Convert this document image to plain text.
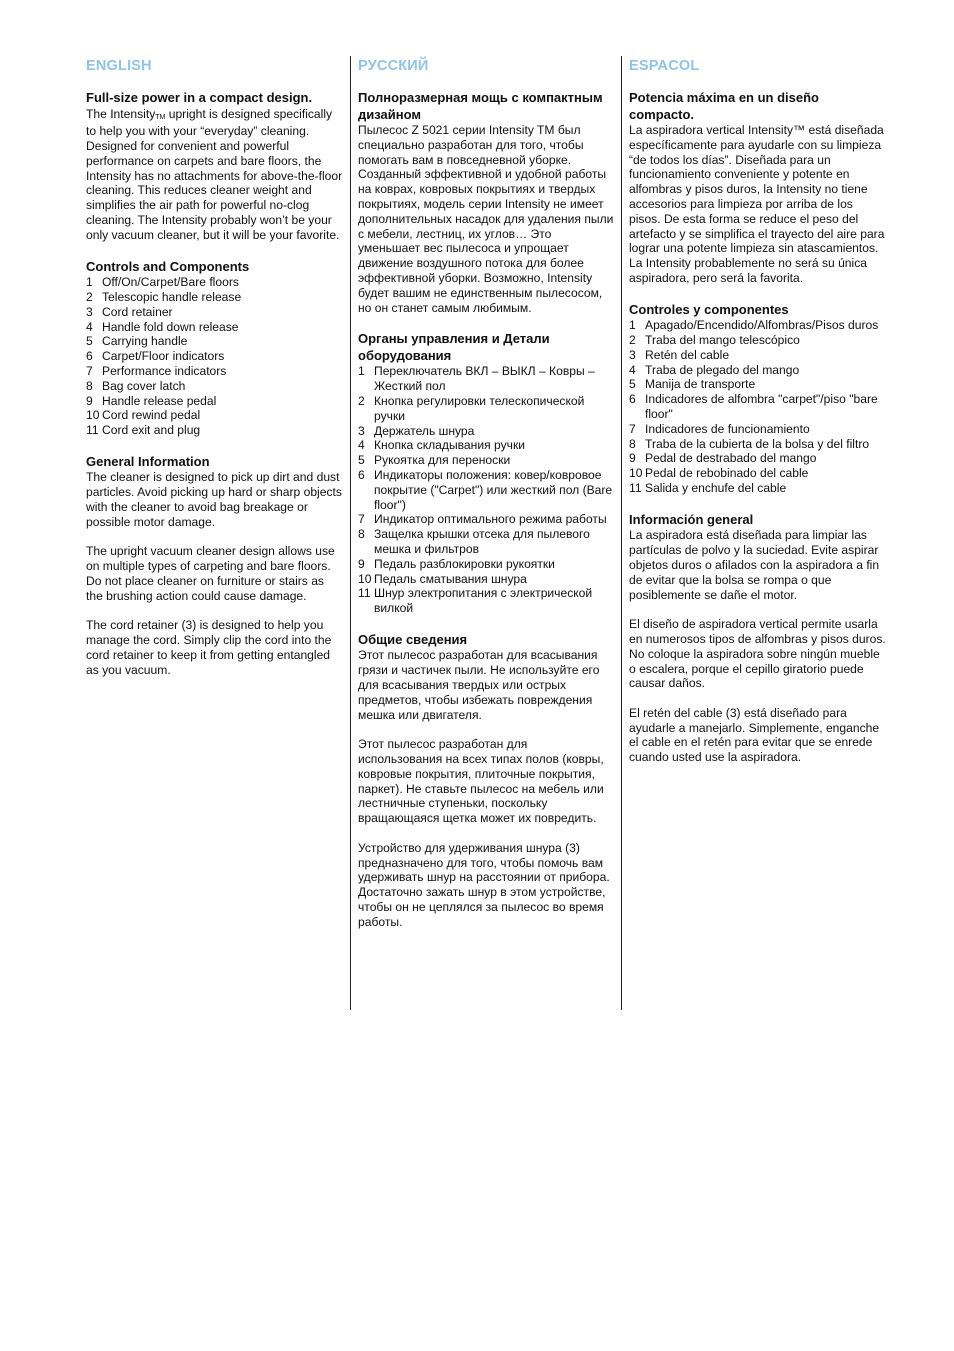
ENGLISH
Full-size power in a compact design.

The Intensity™ upright is designed specifically to help you with your “everyday” cleaning. Designed for convenient and powerful performance on carpets and bare floors, the Intensity has no attachments for above-the-floor cleaning. This reduces cleaner weight and simplifies the air path for powerful no-clog cleaning. The Intensity probably won’t be your only vacuum cleaner, but it will be your favorite.

Controls and Components
1 Off/On/Carpet/Bare floors
2 Telescopic handle release
3 Cord retainer
4 Handle fold down release
5 Carrying handle
6 Carpet/Floor indicators
7 Performance indicators
8 Bag cover latch
9 Handle release pedal
10 Cord rewind pedal
11 Cord exit and plug
General Information

The cleaner is designed to pick up dirt and dust particles. Avoid picking up hard or sharp objects with the cleaner to avoid bag breakage or possible motor damage.

The upright vacuum cleaner design allows use on multiple types of carpeting and bare floors. Do not place cleaner on furniture or stairs as the brushing action could cause damage.

The cord retainer (3) is designed to help you manage the cord. Simply clip the cord into the cord retainer to keep it from getting entangled as you vacuum.

РУССКИЙ
Полноразмерная мощь с компактным дизайном

Пылесос Z 5021 серии Intensity TM был специально разработан для того, чтобы помогать вам в повседневной уборке. Созданный эффективной и удобной работы на коврах, ковровых покрытиях и твердых покрытиях, модель серии Intensity не имеет дополнительных насадок для удаления пыли с мебели, лестниц, их углов… Это уменьшает вес пылесоса и упрощает движение воздушного потока для более эффективной уборки. Возможно, Intensity будет вашим не единственным пылесосом, но он станет самым любимым.

Органы управления и Детали оборудования
1 Переключатель ВКЛ – ВЫКЛ – Ковры – Жесткий пол
2 Кнопка регулировки телескопической ручки
3 Держатель шнура
4 Кнопка складывания ручки
5 Рукоятка для переноски
6 Индикаторы положения: ковер/ковровое покрытие ("Carpet") или жесткий пол (Bare floor")
7 Индикатор оптимального режима работы
8 Защелка крышки отсека для пылевого мешка и фильтров
9 Педаль разблокировки рукоятки
10 Педаль сматывания шнура
11 Шнур электропитания с электрической вилкой
Общие сведения

Этот пылесос разработан для всасывания грязи и частичек пыли. Не используйте его для всасывания твердых или острых предметов, чтобы избежать повреждения мешка или двигателя.

Этот пылесос разработан для использования на всех типах полов (ковры, ковровые покрытия, плиточные покрытия, паркет). Не ставьте пылесос на мебель или лестничные ступеньки, поскольку вращающаяся щетка может их повредить.

Устройство для удерживания шнура (3) предназначено для того, чтобы помочь вам удерживать шнур на расстоянии от прибора. Достаточно зажать шнур в этом устройстве, чтобы он не цеплялся за пылесос во время работы.

ESPACOL
Potencia máxima en un diseño compacto.

La aspiradora vertical Intensity™ está diseñada específicamente para ayudarle con su limpieza “de todos los días”. Diseñada para un funcionamiento conveniente y potente en alfombras y pisos duros, la Intensity no tiene accesorios para limpieza por arriba de los pisos. De esta forma se reduce el peso del artefacto y se simplifica el trayecto del aire para lograr una potente limpieza sin atascamientos. La Intensity probablemente no será su única aspiradora, pero será la favorita.

Controles y componentes
1 Apagado/Encendido/Alfombras/Pisos duros
2 Traba del mango telescópico
3 Retén del cable
4 Traba de plegado del mango
5 Manija de transporte
6 Indicadores de alfombra "carpet"/piso "bare floor"
7 Indicadores de funcionamiento
8 Traba de la cubierta de la bolsa y del filtro
9 Pedal de destrabado del mango
10 Pedal de rebobinado del cable
11 Salida y enchufe del cable
Información general

La aspiradora está diseñada para limpiar las partículas de polvo y la suciedad. Evite aspirar objetos duros o afilados con la aspiradora a fin de evitar que la bolsa se rompa o que posiblemente se dañe el motor.

El diseño de aspiradora vertical permite usarla en numerosos tipos de alfombras y pisos duros. No coloque la aspiradora sobre ningún mueble o escalera, porque el cepillo giratorio puede causar daños.

El retén del cable (3) está diseñado para ayudarle a manejarlo. Simplemente, enganche el cable en el retén para evitar que se enrede cuando usted use la aspiradora.
